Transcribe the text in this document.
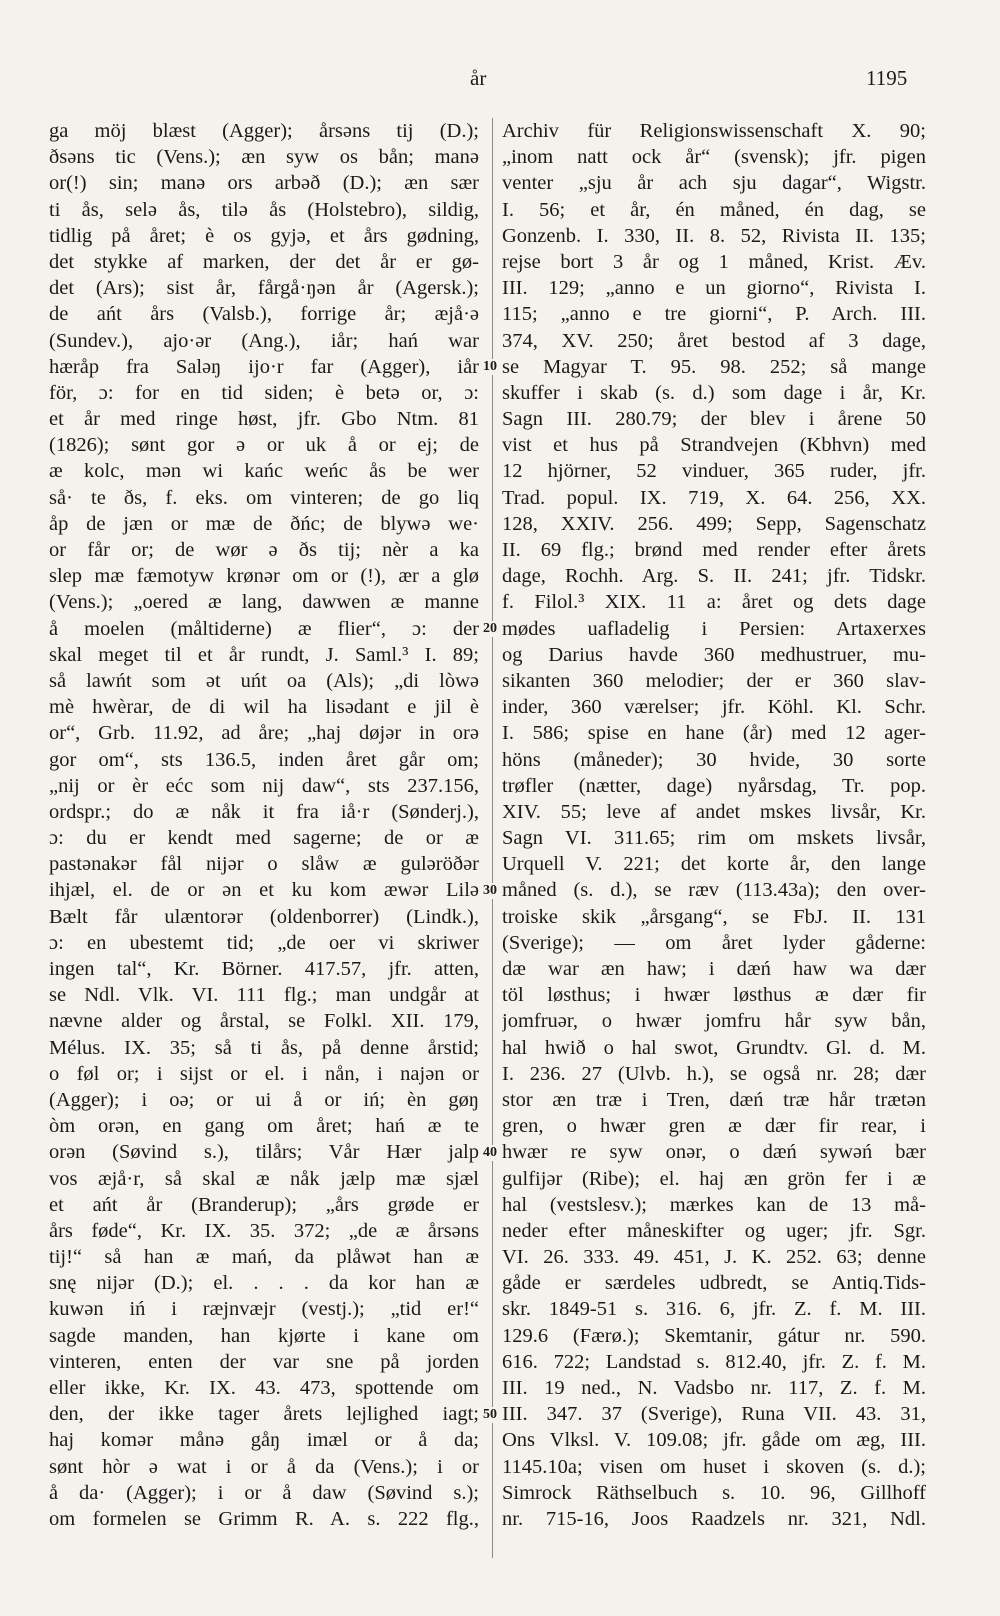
år	1195
ga möj blæst (Agger); årsəns tij (D.);
ðsəns tic (Vens.); æn syw os bån; manə
or(!) sin; manə ors arbəð (D.); æn sær
ti ås, selə ås, tilə ås (Holstebro), sildig,
tidlig på året; è os gyjə, et års gødning,
det stykke af marken, der det år er gø-
det (Ars); sist år, fårgå·ŋən år (Agersk.);
de ańt års (Valsb.), forrige år; æjå·ə
(Sundev.), ajo·ər (Ang.), iår; hań war
hæråp fra Saləŋ ijo·r far (Agger), iår
för, ɔ: for en tid siden; è betə or, ɔ:
et år med ringe høst, jfr. Gbo Ntm. 81
(1826); sønt gor ə or uk å or ej; de
æ kolc, mən wi kańc weńc ås be wer
så· te ðs, f. eks. om vinteren; de go liq
åp de jæn or mæ de ðńc; de blywə we·
or får or; de wør ə ðs tij; nèr a ka
slep mæ fæmotyw krønər om or (!), ær a glø
(Vens.); „oered æ lang, dawwen æ manne
å moelen (måltiderne) æ flier“, ɔ: der
skal meget til et år rundt, J. Saml.³ I. 89;
så lawńt som ət uńt oa (Als); „di lòwə
mè hwèrar, de di wil ha lisədant e jil è
or“, Grb. 11.92, ad åre; „haj døjər in orə
gor om“, sts 136.5, inden året går om;
„nij or èr ećc som nij daw“, sts 237.156,
ordspr.; do æ nåk it fra iå·r (Sønderj.),
ɔ: du er kendt med sagerne; de or æ
pastənakər fål nijər o slåw æ guləröðər
ihjæl, el. de or ən et ku kom æwər Lilə
Bælt får ulæntorər (oldenborrer) (Lindk.),
ɔ: en ubestemt tid; „de oer vi skriwer
ingen tal“, Kr. Börner. 417.57, jfr. atten,
se Ndl. Vlk. VI. 111 flg.; man undgår at
nævne alder og årstal, se Folkl. XII. 179,
Mélus. IX. 35; så ti ås, på denne årstid;
o føl or; i sijst or el. i nån, i najən or
(Agger); i oə; or ui å or iń; èn gøŋ
òm orən, en gang om året; hań æ te
orən (Søvind s.), tilårs; Vår Hær jalp
vos æjå·r, så skal æ nåk jælp mæ sjæl
et ańt år (Branderup); „års grøde er
års føde“, Kr. IX. 35. 372; „de æ årsəns
tij!“ så han æ mań, da plåwət han æ
snę nijər (D.); el. . . . da kor han æ
kuwən iń i ræjnvæjr (vestj.); „tid er!“
sagde manden, han kjørte i kane om
vinteren, enten der var sne på jorden
eller ikke, Kr. IX. 43. 473, spottende om
den, der ikke tager årets lejlighed iagt;
haj komər månə gåŋ imæl or å da;
sønt hòr ə wat i or å da (Vens.); i or
å da· (Agger); i or å daw (Søvind s.);
om formelen se Grimm R. A. s. 222 flg.,
Archiv für Religionswissenschaft X. 90;
„inom natt ock år“ (svensk); jfr. pigen
venter „sju år ach sju dagar“, Wigstr.
I. 56; et år, én måned, én dag, se
Gonzenb. I. 330, II. 8. 52, Rivista II. 135;
rejse bort 3 år og 1 måned, Krist. Æv.
III. 129; „anno e un giorno“, Rivista I.
115; „anno e tre giorni“, P. Arch. III.
374, XV. 250; året bestod af 3 dage,
se Magyar T. 95. 98. 252; så mange
skuffer i skab (s. d.) som dage i år, Kr.
Sagn III. 280.79; der blev i årene 50
vist et hus på Strandvejen (Kbhvn) med
12 hjörner, 52 vinduer, 365 ruder, jfr.
Trad. popul. IX. 719, X. 64. 256, XX.
128, XXIV. 256. 499; Sepp, Sagenschatz
II. 69 flg.; brønd med render efter årets
dage, Rochh. Arg. S. II. 241; jfr. Tidskr.
f. Filol.³ XIX. 11 a: året og dets dage
mødes uafladelig i Persien: Artaxerxes
og Darius havde 360 medhustruer, mu-
sikanten 360 melodier; der er 360 slav-
inder, 360 værelser; jfr. Köhl. Kl. Schr.
I. 586; spise en hane (år) med 12 ager-
höns (måneder); 30 hvide, 30 sorte
trøfler (nætter, dage) nyårsdag, Tr. pop.
XIV. 55; leve af andet mskes livsår, Kr.
Sagn VI. 311.65; rim om mskets livsår,
Urquell V. 221; det korte år, den lange
måned (s. d.), se ræv (113.43a); den over-
troiske skik „årsgang“, se FbJ. II. 131
(Sverige); — om året lyder gåderne:
dæ war æn haw; i dæń haw wa dær
töl løsthus; i hwær løsthus æ dær fir
jomfruər, o hwær jomfru hår syw bån,
hal hwið o hal swot, Grundtv. Gl. d. M.
I. 236. 27 (Ulvb. h.), se også nr. 28; dær
stor æn træ i Tren, dæń træ hår trætən
gren, o hwær gren æ dær fir rear, i
hwær re syw onər, o dæń sywəń bær
gulfijər (Ribe); el. haj æn grön fer i æ
hal (vestslesv.); mærkes kan de 13 må-
neder efter måneskifter og uger; jfr. Sgr.
VI. 26. 333. 49. 451, J. K. 252. 63; denne
gåde er særdeles udbredt, se Antiq.Tids-
skr. 1849-51 s. 316. 6, jfr. Z. f. M. III.
129.6 (Færø.); Skemtanir, gátur nr. 590.
616. 722; Landstad s. 812.40, jfr. Z. f. M.
III. 19 ned., N. Vadsbo nr. 117, Z. f. M.
III. 347. 37 (Sverige), Runa VII. 43. 31,
Ons Vlksl. V. 109.08; jfr. gåde om æg, III.
1145.10a; visen om huset i skoven (s. d.);
Simrock Räthselbuch s. 10. 96, Gillhoff
nr. 715-16, Joos Raadzels nr. 321, Ndl.
10
20
30
40
50
